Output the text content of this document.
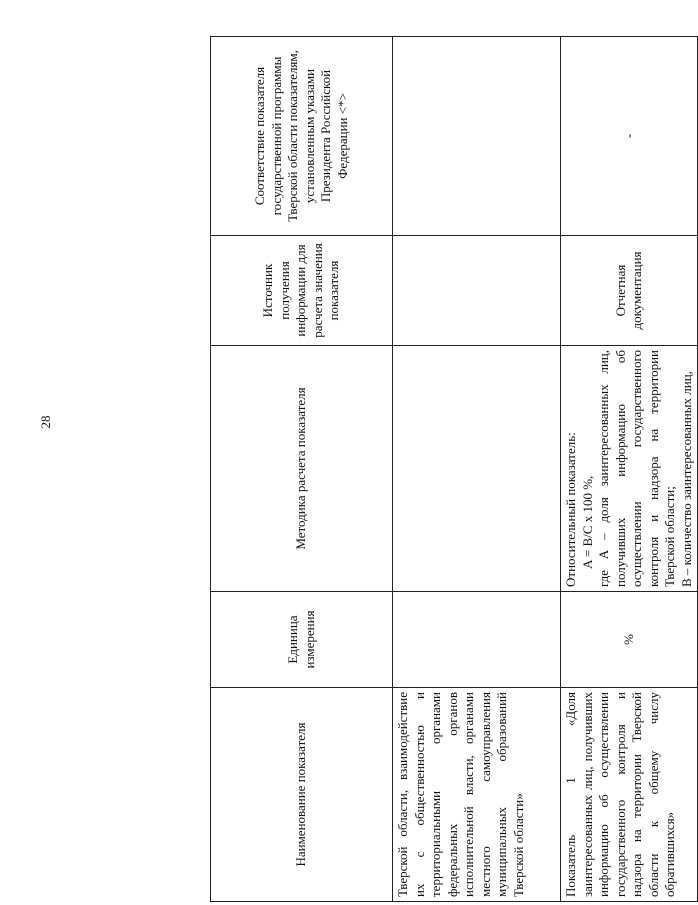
28
Наименование показателя	Единица измерения	Методика расчета показателя	Источник получения информации для расчета значения показателя	Соответствие показателя государственной программы Тверской области показателям, установленным указами Президента Российской Федерации <*>
Тверской области, взаимодействие их с общественностью и территориальными органами федеральных органов исполнительной власти, органами местного самоуправления муниципальных образований Тверской области»				
Показатель 1 «Доля заинтересованных лиц, получивших информацию об осуществлении государственного контроля и надзора на территории Тверской области к общему числу обратившихся»	%	Относительный показатель: A = B/C x 100 %, где A – доля заинтересованных лиц, получивших информацию об осуществлении государственного контроля и надзора на территории Тверской области; B – количество заинтересованных лиц,	Отчетная документация	-
